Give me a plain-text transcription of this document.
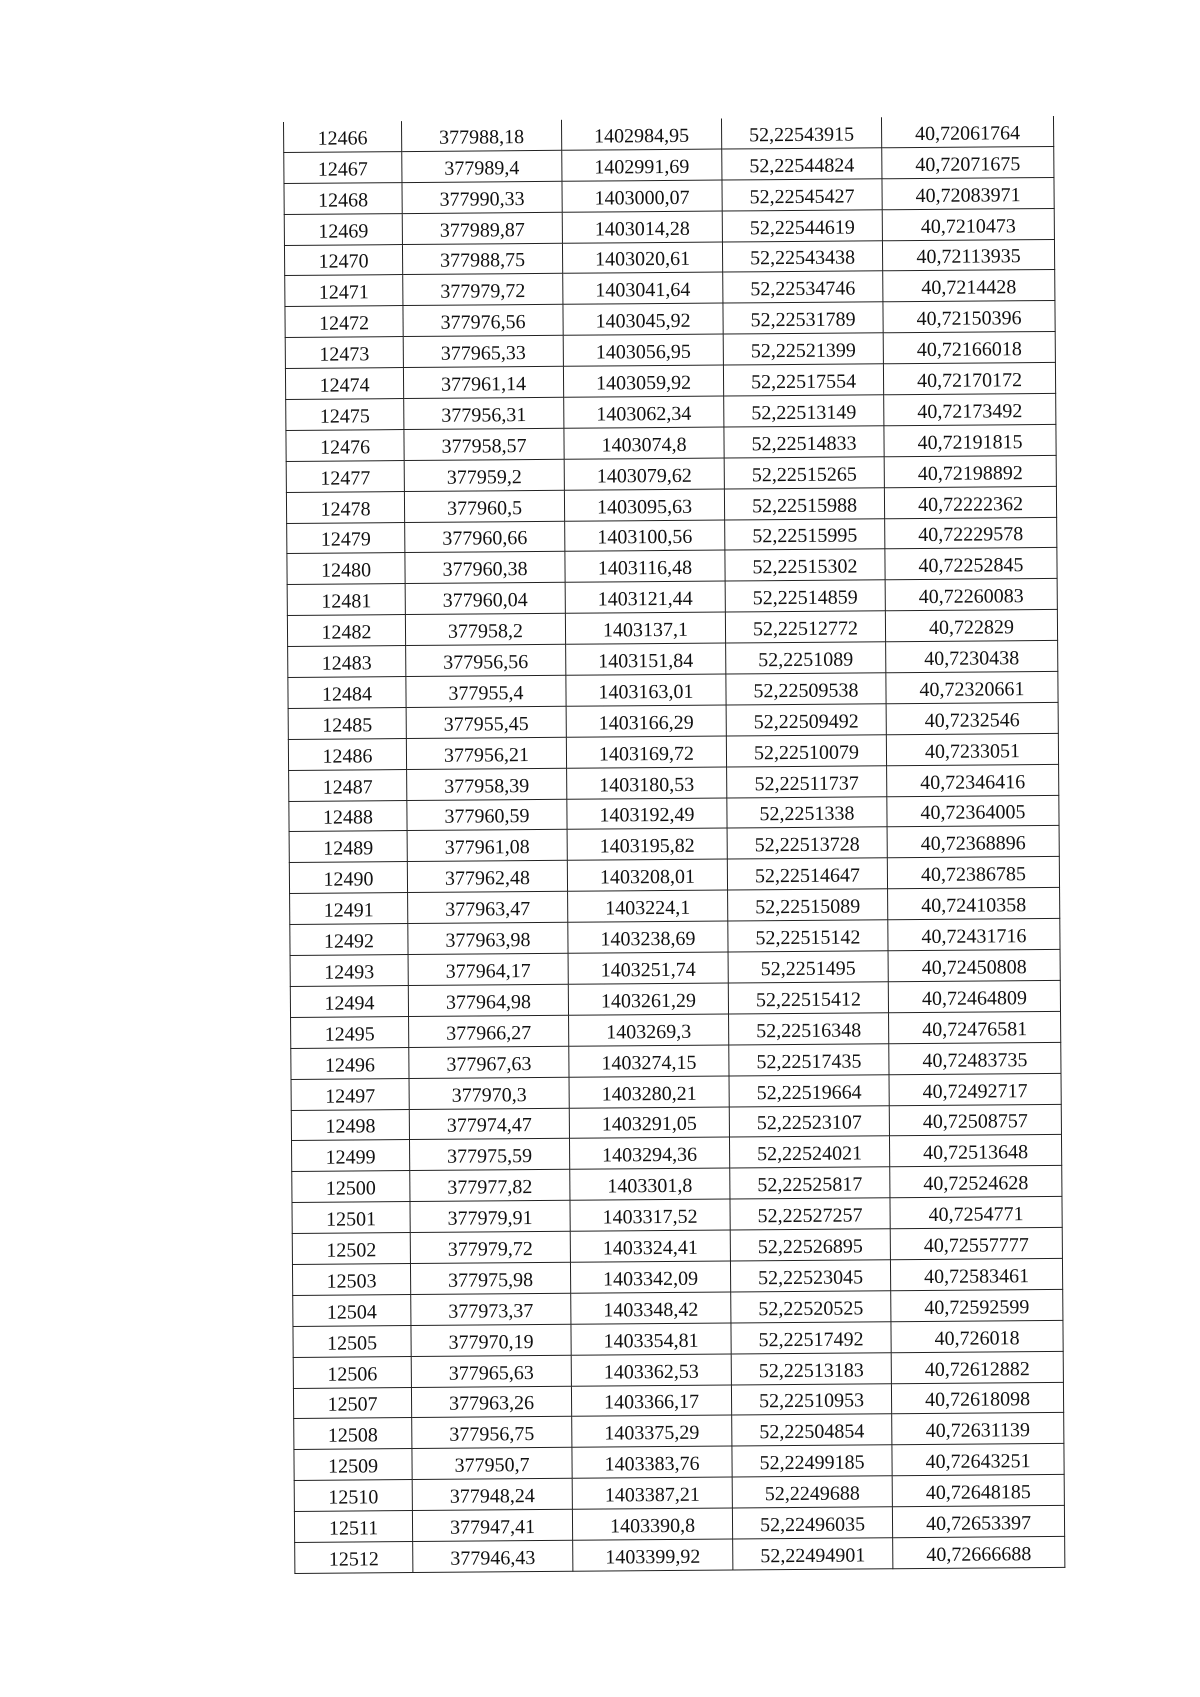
12466	377988,18	1402984,95	52,22543915	40,72061764
12467	377989,4	1402991,69	52,22544824	40,72071675
12468	377990,33	1403000,07	52,22545427	40,72083971
12469	377989,87	1403014,28	52,22544619	40,7210473
12470	377988,75	1403020,61	52,22543438	40,72113935
12471	377979,72	1403041,64	52,22534746	40,7214428
12472	377976,56	1403045,92	52,22531789	40,72150396
12473	377965,33	1403056,95	52,22521399	40,72166018
12474	377961,14	1403059,92	52,22517554	40,72170172
12475	377956,31	1403062,34	52,22513149	40,72173492
12476	377958,57	1403074,8	52,22514833	40,72191815
12477	377959,2	1403079,62	52,22515265	40,72198892
12478	377960,5	1403095,63	52,22515988	40,72222362
12479	377960,66	1403100,56	52,22515995	40,72229578
12480	377960,38	1403116,48	52,22515302	40,72252845
12481	377960,04	1403121,44	52,22514859	40,72260083
12482	377958,2	1403137,1	52,22512772	40,722829
12483	377956,56	1403151,84	52,2251089	40,7230438
12484	377955,4	1403163,01	52,22509538	40,72320661
12485	377955,45	1403166,29	52,22509492	40,7232546
12486	377956,21	1403169,72	52,22510079	40,7233051
12487	377958,39	1403180,53	52,22511737	40,72346416
12488	377960,59	1403192,49	52,2251338	40,72364005
12489	377961,08	1403195,82	52,22513728	40,72368896
12490	377962,48	1403208,01	52,22514647	40,72386785
12491	377963,47	1403224,1	52,22515089	40,72410358
12492	377963,98	1403238,69	52,22515142	40,72431716
12493	377964,17	1403251,74	52,2251495	40,72450808
12494	377964,98	1403261,29	52,22515412	40,72464809
12495	377966,27	1403269,3	52,22516348	40,72476581
12496	377967,63	1403274,15	52,22517435	40,72483735
12497	377970,3	1403280,21	52,22519664	40,72492717
12498	377974,47	1403291,05	52,22523107	40,72508757
12499	377975,59	1403294,36	52,22524021	40,72513648
12500	377977,82	1403301,8	52,22525817	40,72524628
12501	377979,91	1403317,52	52,22527257	40,7254771
12502	377979,72	1403324,41	52,22526895	40,72557777
12503	377975,98	1403342,09	52,22523045	40,72583461
12504	377973,37	1403348,42	52,22520525	40,72592599
12505	377970,19	1403354,81	52,22517492	40,726018
12506	377965,63	1403362,53	52,22513183	40,72612882
12507	377963,26	1403366,17	52,22510953	40,72618098
12508	377956,75	1403375,29	52,22504854	40,72631139
12509	377950,7	1403383,76	52,22499185	40,72643251
12510	377948,24	1403387,21	52,2249688	40,72648185
12511	377947,41	1403390,8	52,22496035	40,72653397
12512	377946,43	1403399,92	52,22494901	40,72666688
